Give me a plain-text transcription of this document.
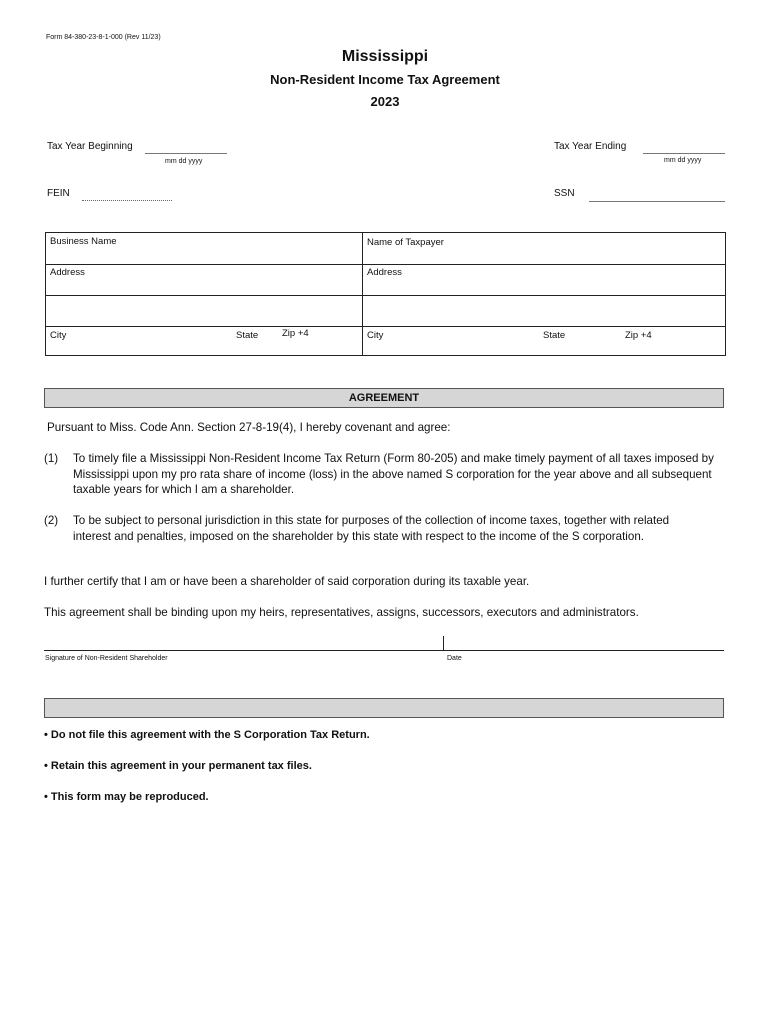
Form 84-380-23-8-1-000 (Rev 11/23)
Mississippi
Non-Resident Income Tax Agreement
2023
Tax Year Beginning
mm dd yyyy
Tax Year Ending
mm dd yyyy
FEIN	SSN
Business Name	Name of Taxpayer
Address	Address
City	State	Zip +4	City	State	Zip +4
AGREEMENT
Pursuant to Miss. Code Ann. Section 27-8-19(4), I hereby covenant and agree:
(1) To timely file a Mississippi Non-Resident Income Tax Return (Form 80-205) and make timely payment of all taxes imposed by Mississippi upon my pro rata share of income (loss) in the above named S corporation for the year above and all subsequent taxable years for which I am a shareholder.
(2) To be subject to personal jurisdiction in this state for purposes of the collection of income taxes, together with related interest and penalties, imposed on the shareholder by this state with respect to the income of the S corporation.
I further certify that I am or have been a shareholder of said corporation during its taxable year.
This agreement shall be binding upon my heirs, representatives, assigns, successors, executors and administrators.
Signature of Non-Resident Shareholder	Date
• Do not file this agreement with the S Corporation Tax Return.
• Retain this agreement in your permanent tax files.
• This form may be reproduced.
